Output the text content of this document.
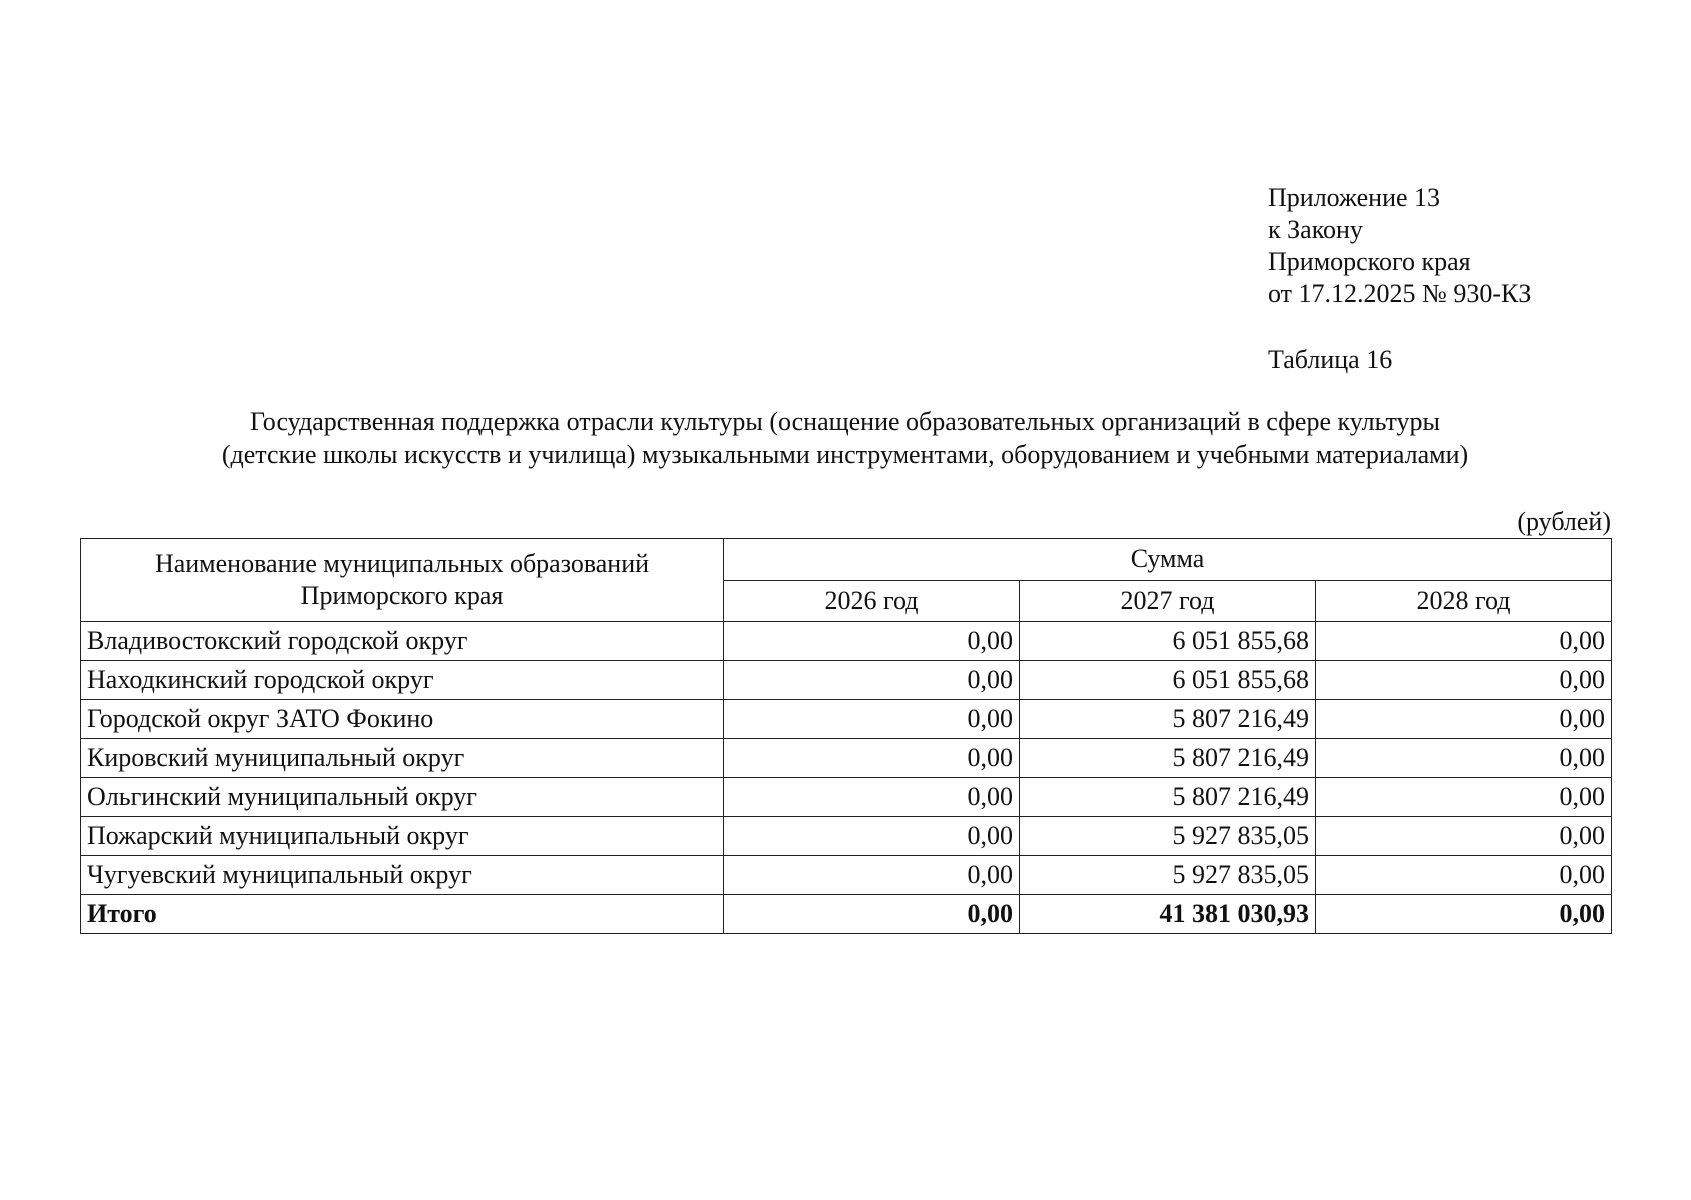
Приложение 13
к Закону
Приморского края
от 17.12.2025 № 930-КЗ
Таблица 16
Государственная поддержка отрасли культуры (оснащение образовательных организаций в сфере культуры
(детские школы искусств и училища) музыкальными инструментами, оборудованием и учебными материалами)
(рублей)
Наименование муниципальных образований Приморского края	Сумма		
	2026 год	2027 год	2028 год
Владивостокский городской округ	0,00	6 051 855,68	0,00
Находкинский городской округ	0,00	6 051 855,68	0,00
Городской округ ЗАТО Фокино	0,00	5 807 216,49	0,00
Кировский муниципальный округ	0,00	5 807 216,49	0,00
Ольгинский муниципальный округ	0,00	5 807 216,49	0,00
Пожарский муниципальный округ	0,00	5 927 835,05	0,00
Чугуевский муниципальный округ	0,00	5 927 835,05	0,00
Итого	0,00	41 381 030,93	0,00
